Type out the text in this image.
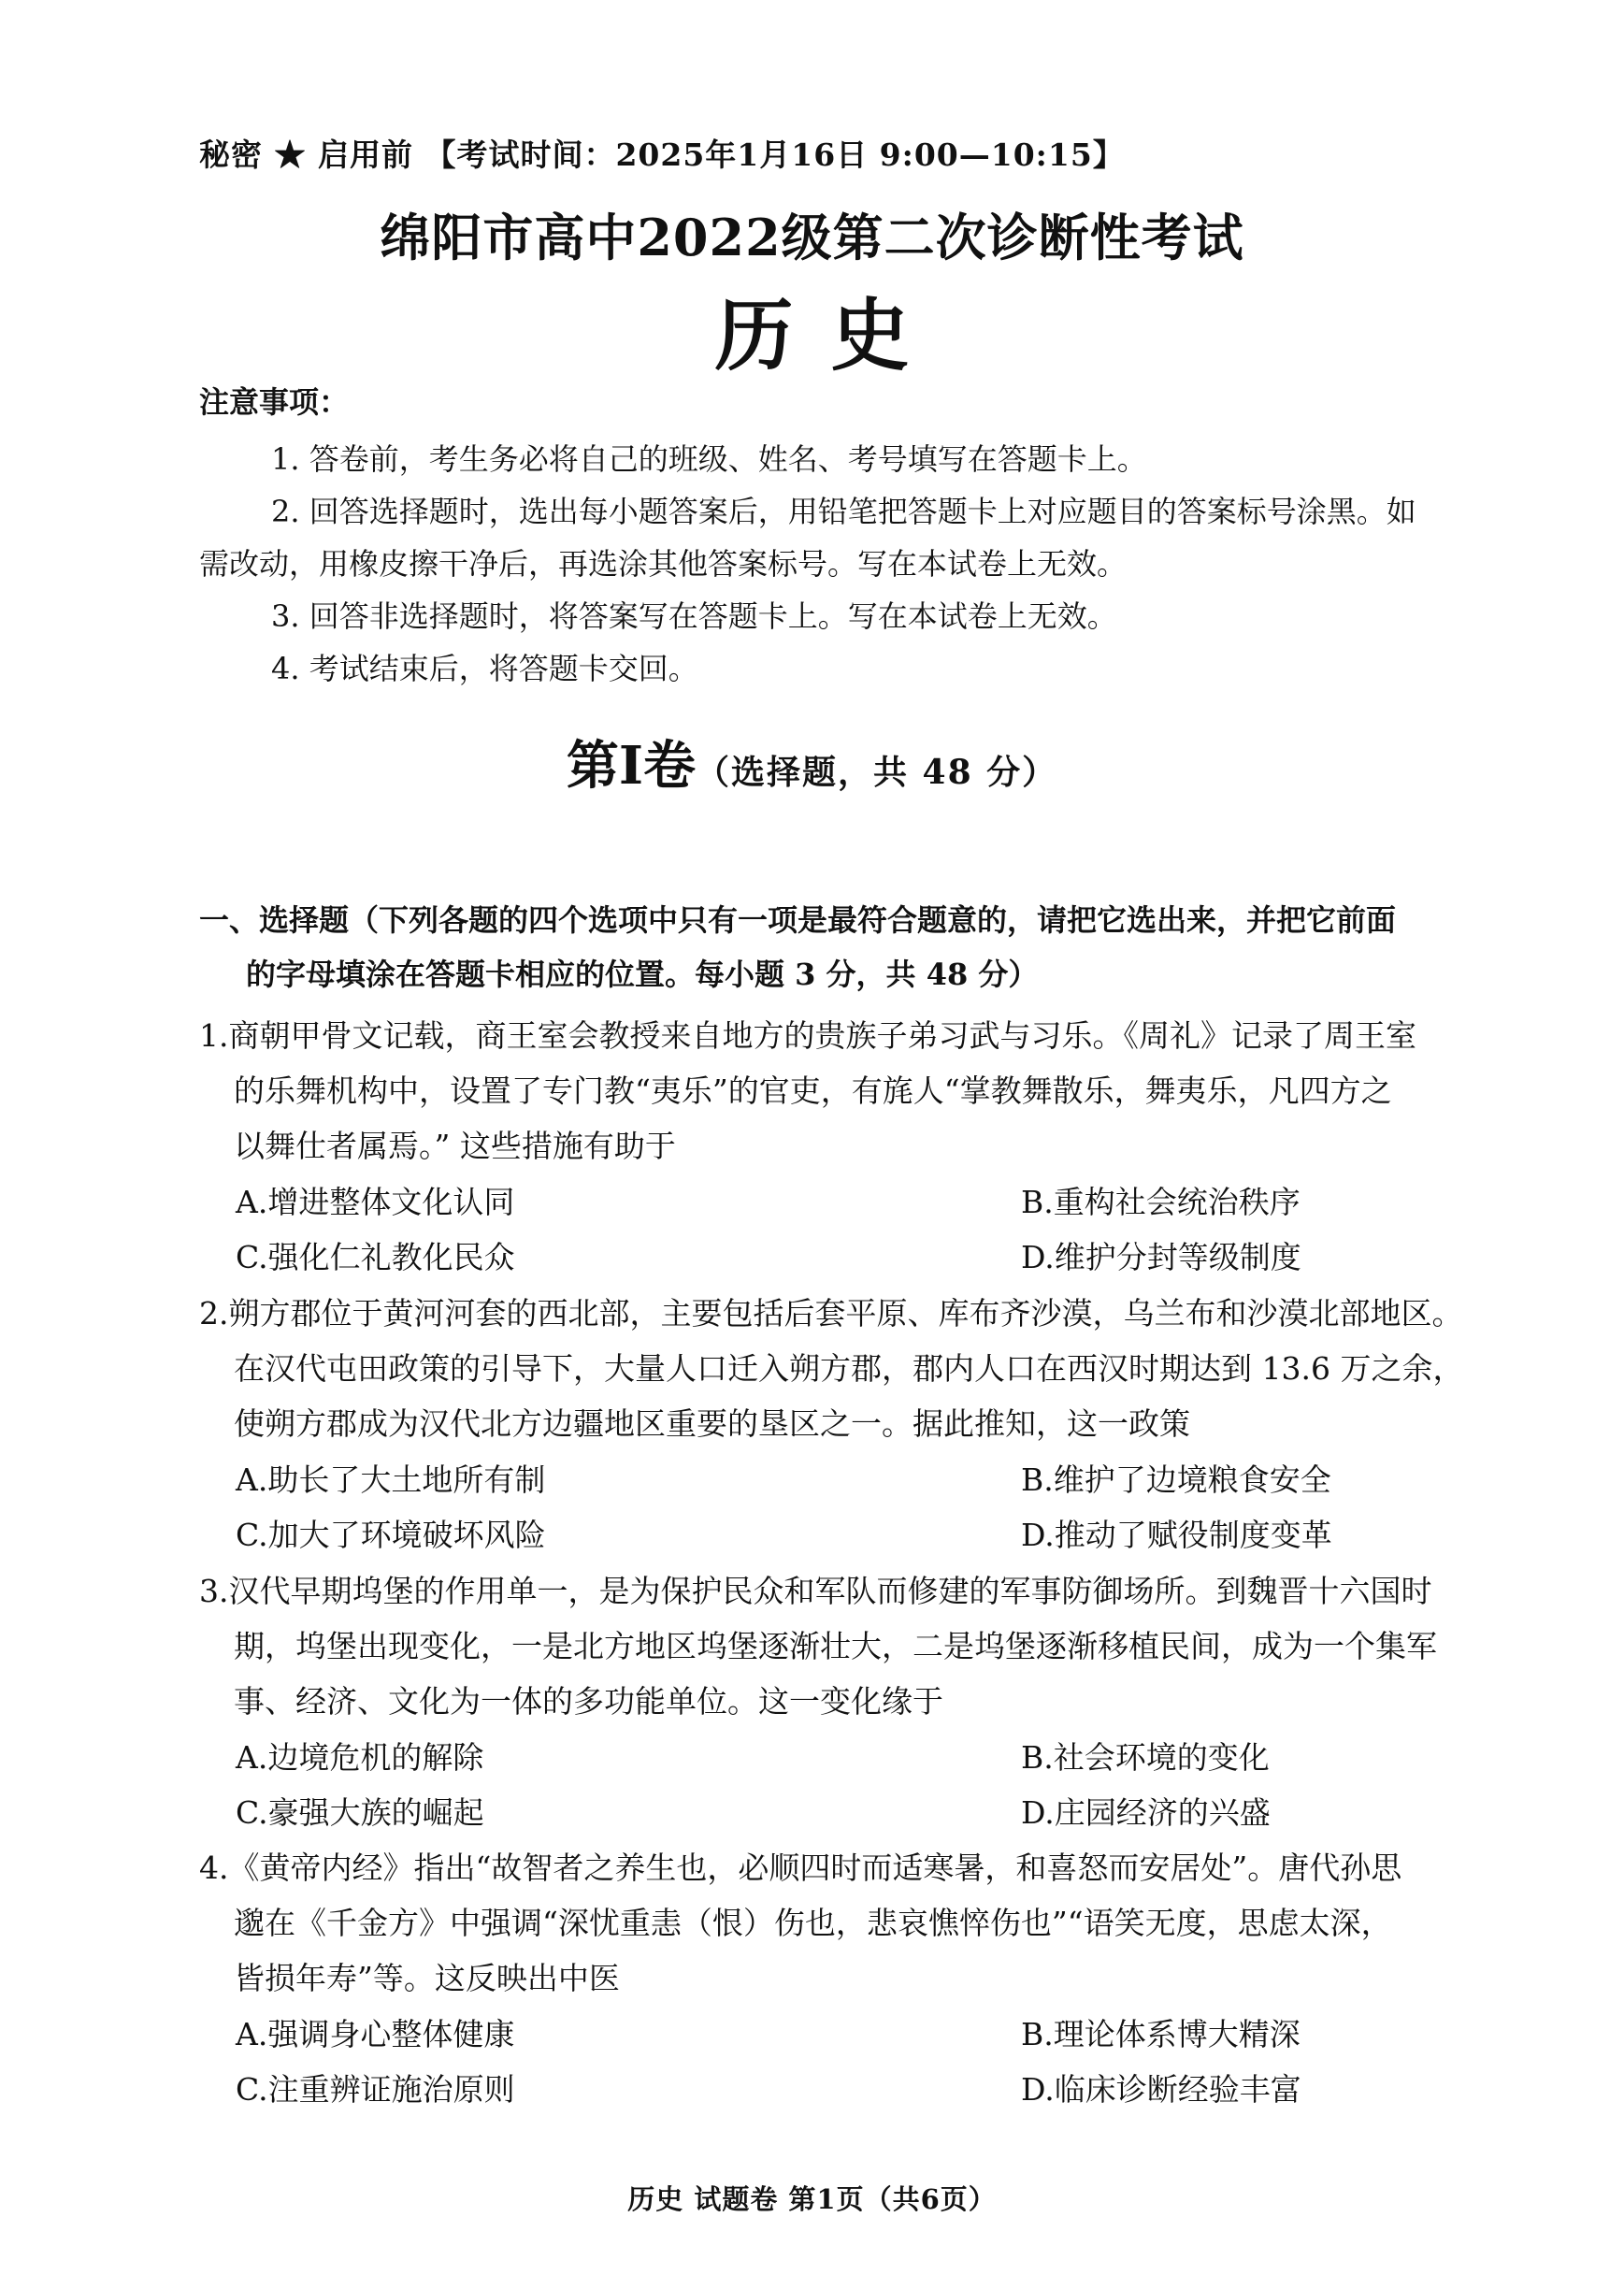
秘密 ★ 启用前 【考试时间：2025年1月16日 9:00—10:15】
绵阳市高中2022级第二次诊断性考试
历史
注意事项：
1. 答卷前，考生务必将自己的班级、姓名、考号填写在答题卡上。
2. 回答选择题时，选出每小题答案后，用铅笔把答题卡上对应题目的答案标号涂黑。如
需改动，用橡皮擦干净后，再选涂其他答案标号。写在本试卷上无效。
3. 回答非选择题时，将答案写在答题卡上。写在本试卷上无效。
4. 考试结束后，将答题卡交回。
第Ⅰ卷（选择题，共 48 分）
一、选择题（下列各题的四个选项中只有一项是最符合题意的，请把它选出来，并把它前面
的字母填涂在答题卡相应的位置。每小题 3 分，共 48 分）
1.商朝甲骨文记载，商王室会教授来自地方的贵族子弟习武与习乐。《周礼》记录了周王室
的乐舞机构中，设置了专门教“夷乐”的官吏，有旄人“掌教舞散乐，舞夷乐，凡四方之
以舞仕者属焉。” 这些措施有助于
A.增进整体文化认同	B.重构社会统治秩序
C.强化仁礼教化民众	D.维护分封等级制度
2.朔方郡位于黄河河套的西北部，主要包括后套平原、库布齐沙漠，乌兰布和沙漠北部地区。
在汉代屯田政策的引导下，大量人口迁入朔方郡，郡内人口在西汉时期达到 13.6 万之余，
使朔方郡成为汉代北方边疆地区重要的垦区之一。据此推知，这一政策
A.助长了大土地所有制	B.维护了边境粮食安全
C.加大了环境破坏风险	D.推动了赋役制度变革
3.汉代早期坞堡的作用单一，是为保护民众和军队而修建的军事防御场所。到魏晋十六国时
期，坞堡出现变化，一是北方地区坞堡逐渐壮大，二是坞堡逐渐移植民间，成为一个集军
事、经济、文化为一体的多功能单位。这一变化缘于
A.边境危机的解除	B.社会环境的变化
C.豪强大族的崛起	D.庄园经济的兴盛
4.《黄帝内经》指出“故智者之养生也，必顺四时而适寒暑，和喜怒而安居处”。唐代孙思
邈在《千金方》中强调“深忧重恚（恨）伤也，悲哀憔悴伤也”“语笑无度，思虑太深，
皆损年寿”等。这反映出中医
A.强调身心整体健康	B.理论体系博大精深
C.注重辨证施治原则	D.临床诊断经验丰富
历史 试题卷 第1页（共6页）
